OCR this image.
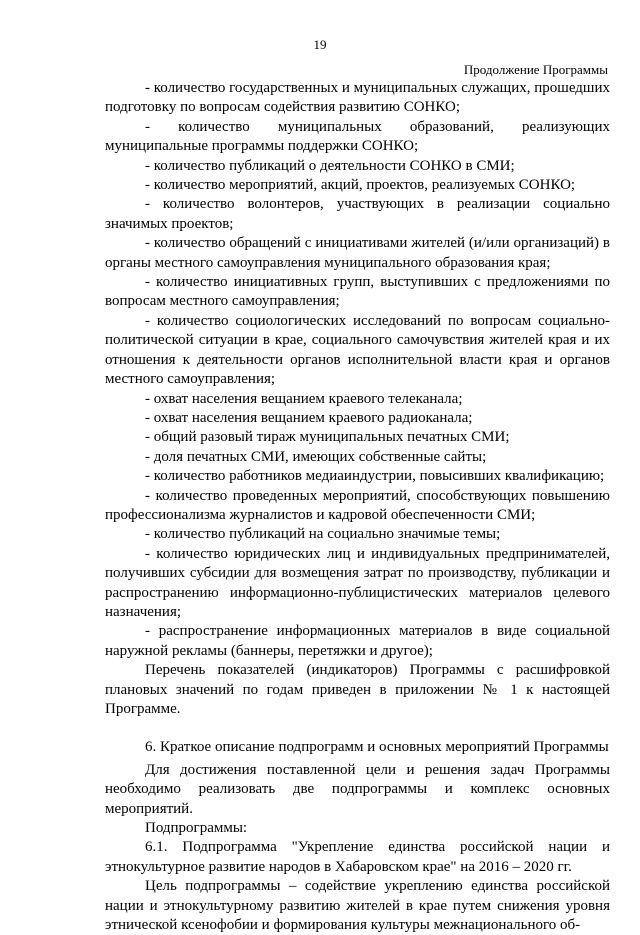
19
Продолжение Программы

- количество государственных и муниципальных служащих, прошедших подготовку по вопросам содействия развитию СОНКО;

- количество муниципальных образований, реализующих муниципальные программы поддержки СОНКО;

- количество публикаций о деятельности СОНКО в СМИ;

- количество мероприятий, акций, проектов, реализуемых СОНКО;

- количество волонтеров, участвующих в реализации социально значимых проектов;

- количество обращений с инициативами жителей (и/или организаций) в органы местного самоуправления муниципального образования края;

- количество инициативных групп, выступивших с предложениями по вопросам местного самоуправления;

- количество социологических исследований по вопросам социально-политической ситуации в крае, социального самочувствия жителей края и их отношения к деятельности органов исполнительной власти края и органов местного самоуправления;

- охват населения вещанием краевого телеканала;

- охват населения вещанием краевого радиоканала;

- общий разовый тираж муниципальных печатных СМИ;

- доля печатных СМИ, имеющих собственные сайты;

- количество работников медиаиндустрии, повысивших квалификацию;

- количество проведенных мероприятий, способствующих повышению профессионализма журналистов и кадровой обеспеченности СМИ;

- количество публикаций на социально значимые темы;

- количество юридических лиц и индивидуальных предпринимателей, получивших субсидии для возмещения затрат по производству, публикации и распространению информационно-публицистических материалов целевого назначения;

- распространение информационных материалов в виде социальной наружной рекламы (баннеры, перетяжки и другое);

Перечень показателей (индикаторов) Программы с расшифровкой плановых значений по годам приведен в приложении № 1 к настоящей Программе.

6. Краткое описание подпрограмм и основных мероприятий Программы

Для достижения поставленной цели и решения задач Программы необходимо реализовать две подпрограммы и комплекс основных мероприятий.

Подпрограммы:

6.1. Подпрограмма "Укрепление единства российской нации и этнокультурное развитие народов в Хабаровском крае" на 2016 – 2020 гг.

Цель подпрограммы – содействие укреплению единства российской нации и этнокультурному развитию жителей в крае путем снижения уровня этнической ксенофобии и формирования культуры межнационального об-
